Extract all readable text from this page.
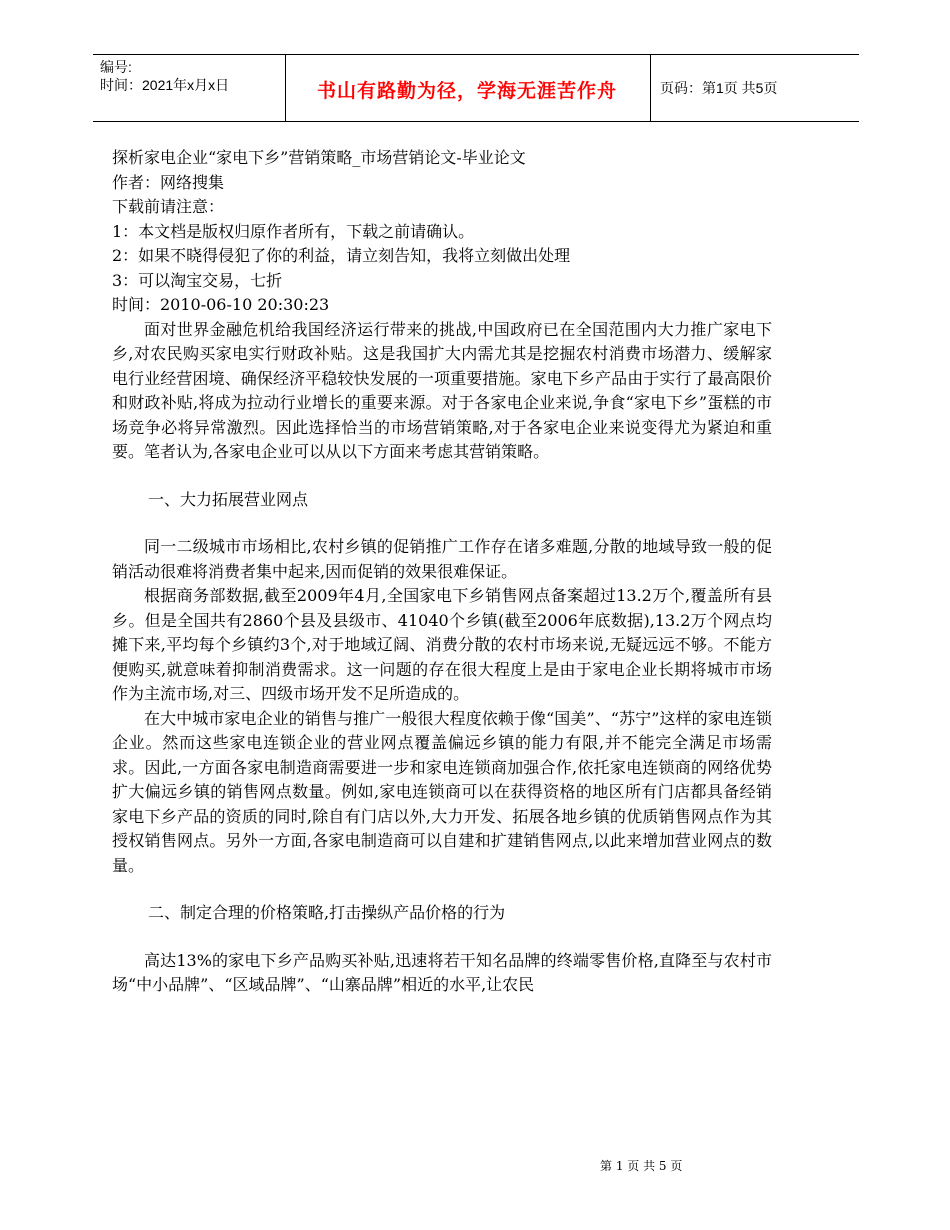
编号:
时间：2021年x月x日	书山有路勤为径，学海无涯苦作舟	页码：第1页 共5页

探析家电企业“家电下乡”营销策略_市场营销论文-毕业论文

作者：网络搜集

下载前请注意：

1：本文档是版权归原作者所有，下载之前请确认。

2：如果不晓得侵犯了你的利益，请立刻告知，我将立刻做出处理

3：可以淘宝交易，七折

时间：2010-06-10 20:30:23

面对世界金融危机给我国经济运行带来的挑战,中国政府已在全国范围内大力推广家电下乡,对农民购买家电实行财政补贴。这是我国扩大内需尤其是挖掘农村消费市场潜力、缓解家电行业经营困境、确保经济平稳较快发展的一项重要措施。家电下乡产品由于实行了最高限价和财政补贴,将成为拉动行业增长的重要来源。对于各家电企业来说,争食“家电下乡”蛋糕的市场竞争必将异常激烈。因此选择恰当的市场营销策略,对于各家电企业来说变得尤为紧迫和重要。笔者认为,各家电企业可以从以下方面来考虑其营销策略。

一、大力拓展营业网点

同一二级城市市场相比,农村乡镇的促销推广工作存在诸多难题,分散的地域导致一般的促销活动很难将消费者集中起来,因而促销的效果很难保证。

根据商务部数据,截至2009年4月,全国家电下乡销售网点备案超过13.2万个,覆盖所有县乡。但是全国共有2860个县及县级市、41040个乡镇(截至2006年底数据),13.2万个网点均摊下来,平均每个乡镇约3个,对于地域辽阔、消费分散的农村市场来说,无疑远远不够。不能方便购买,就意味着抑制消费需求。这一问题的存在很大程度上是由于家电企业长期将城市市场作为主流市场,对三、四级市场开发不足所造成的。

在大中城市家电企业的销售与推广一般很大程度依赖于像“国美”、“苏宁”这样的家电连锁企业。然而这些家电连锁企业的营业网点覆盖偏远乡镇的能力有限,并不能完全满足市场需求。因此,一方面各家电制造商需要进一步和家电连锁商加强合作,依托家电连锁商的网络优势扩大偏远乡镇的销售网点数量。例如,家电连锁商可以在获得资格的地区所有门店都具备经销家电下乡产品的资质的同时,除自有门店以外,大力开发、拓展各地乡镇的优质销售网点作为其授权销售网点。另外一方面,各家电制造商可以自建和扩建销售网点,以此来增加营业网点的数量。

二、制定合理的价格策略,打击操纵产品价格的行为

高达13%的家电下乡产品购买补贴,迅速将若干知名品牌的终端零售价格,直降至与农村市场“中小品牌”、“区域品牌”、“山寨品牌”相近的水平,让农民

第 1 页 共 5 页
